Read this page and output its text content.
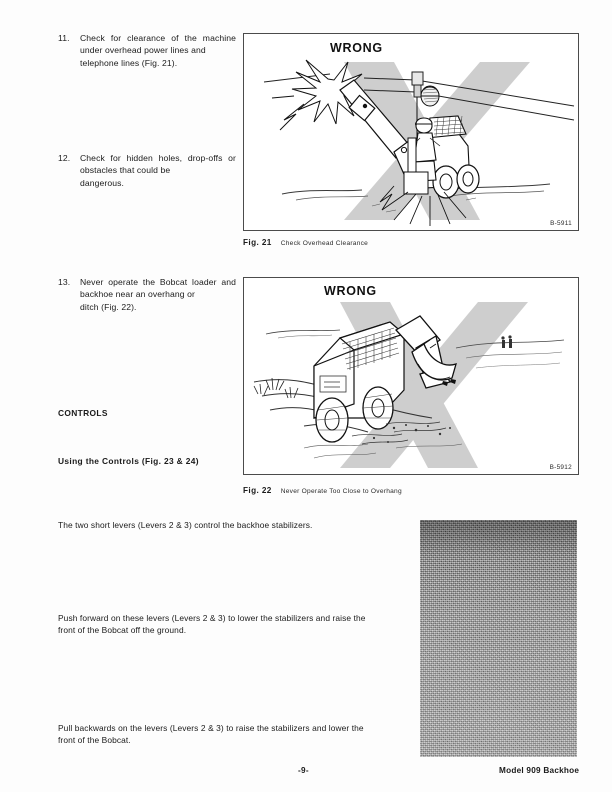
11.	Check for clearance of the machine under overhead power lines and
telephone lines (Fig. 21).
12.	Check for hidden holes, drop-offs or obstacles that could be
dangerous.
13.	Never operate the Bobcat loader and backhoe near an overhang or
ditch (Fig. 22).
CONTROLS
Using the Controls (Fig. 23 & 24)
WRONG
B-5911
Fig. 21 Check Overhead Clearance
WRONG
B-5912
Fig. 22 Never Operate Too Close to Overhang
The two short levers (Levers 2 & 3) control the backhoe stabilizers.
Push forward on these levers (Levers 2 & 3) to lower the stabilizers and raise the
front of the Bobcat off the ground.
Pull backwards on the levers (Levers 2 & 3) to raise the stabilizers and lower the
front of the Bobcat.
Model 909 Backhoe
-9-
